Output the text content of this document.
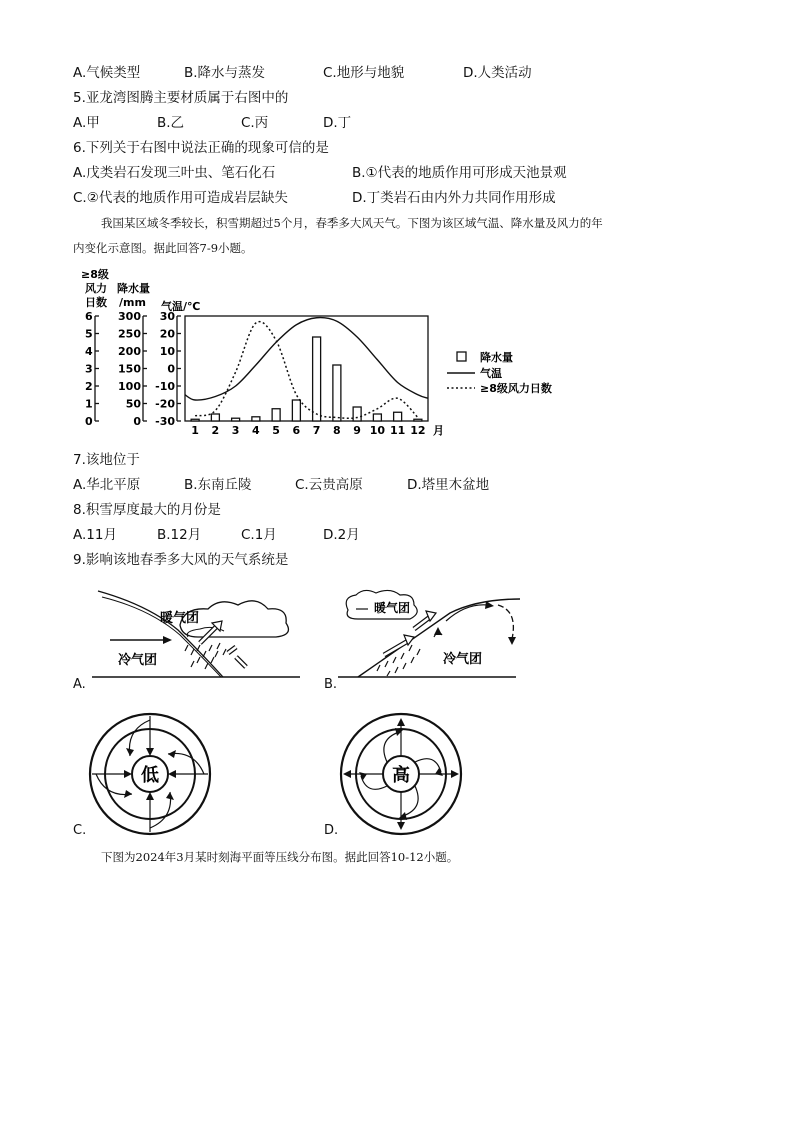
A.气候类型	B.降水与蒸发	C.地形与地貌	D.人类活动
5.亚龙湾图腾主要材质属于右图中的
A.甲	B.乙	C.丙	D.丁
6.下列关于右图中说法正确的现象可信的是
A.戊类岩石发现三叶虫、笔石化石	B.①代表的地质作用可形成天池景观
C.②代表的地质作用可造成岩层缺失	D.丁类岩石由内外力共同作用形成
我国某区域冬季较长，积雪期超过5个月，春季多大风天气。下图为该区域气温、降水量及风力的年
内变化示意图。据此回答7-9小题。
≥8级
风力
日数
降水量
/mm 气温/℃
0
1
2
3
4
5
6
0
50
100
150
200
250
300
-30
-20
-10
0
10
20
30
1 2 3 4 5 6 7 8 9 10 11 12 月
降水量
气温
≥8级风力日数
7.该地位于
A.华北平原	B.东南丘陵	C.云贵高原	D.塔里木盆地
8.积雪厚度最大的月份是
A.11月	B.12月	C.1月	D.2月
9.影响该地春季多大风的天气系统是
暖气团
冷气团
A.
暖气团
冷气团
B.
低
C.
高
D.
下图为2024年3月某时刻海平面等压线分布图。据此回答10-12小题。
